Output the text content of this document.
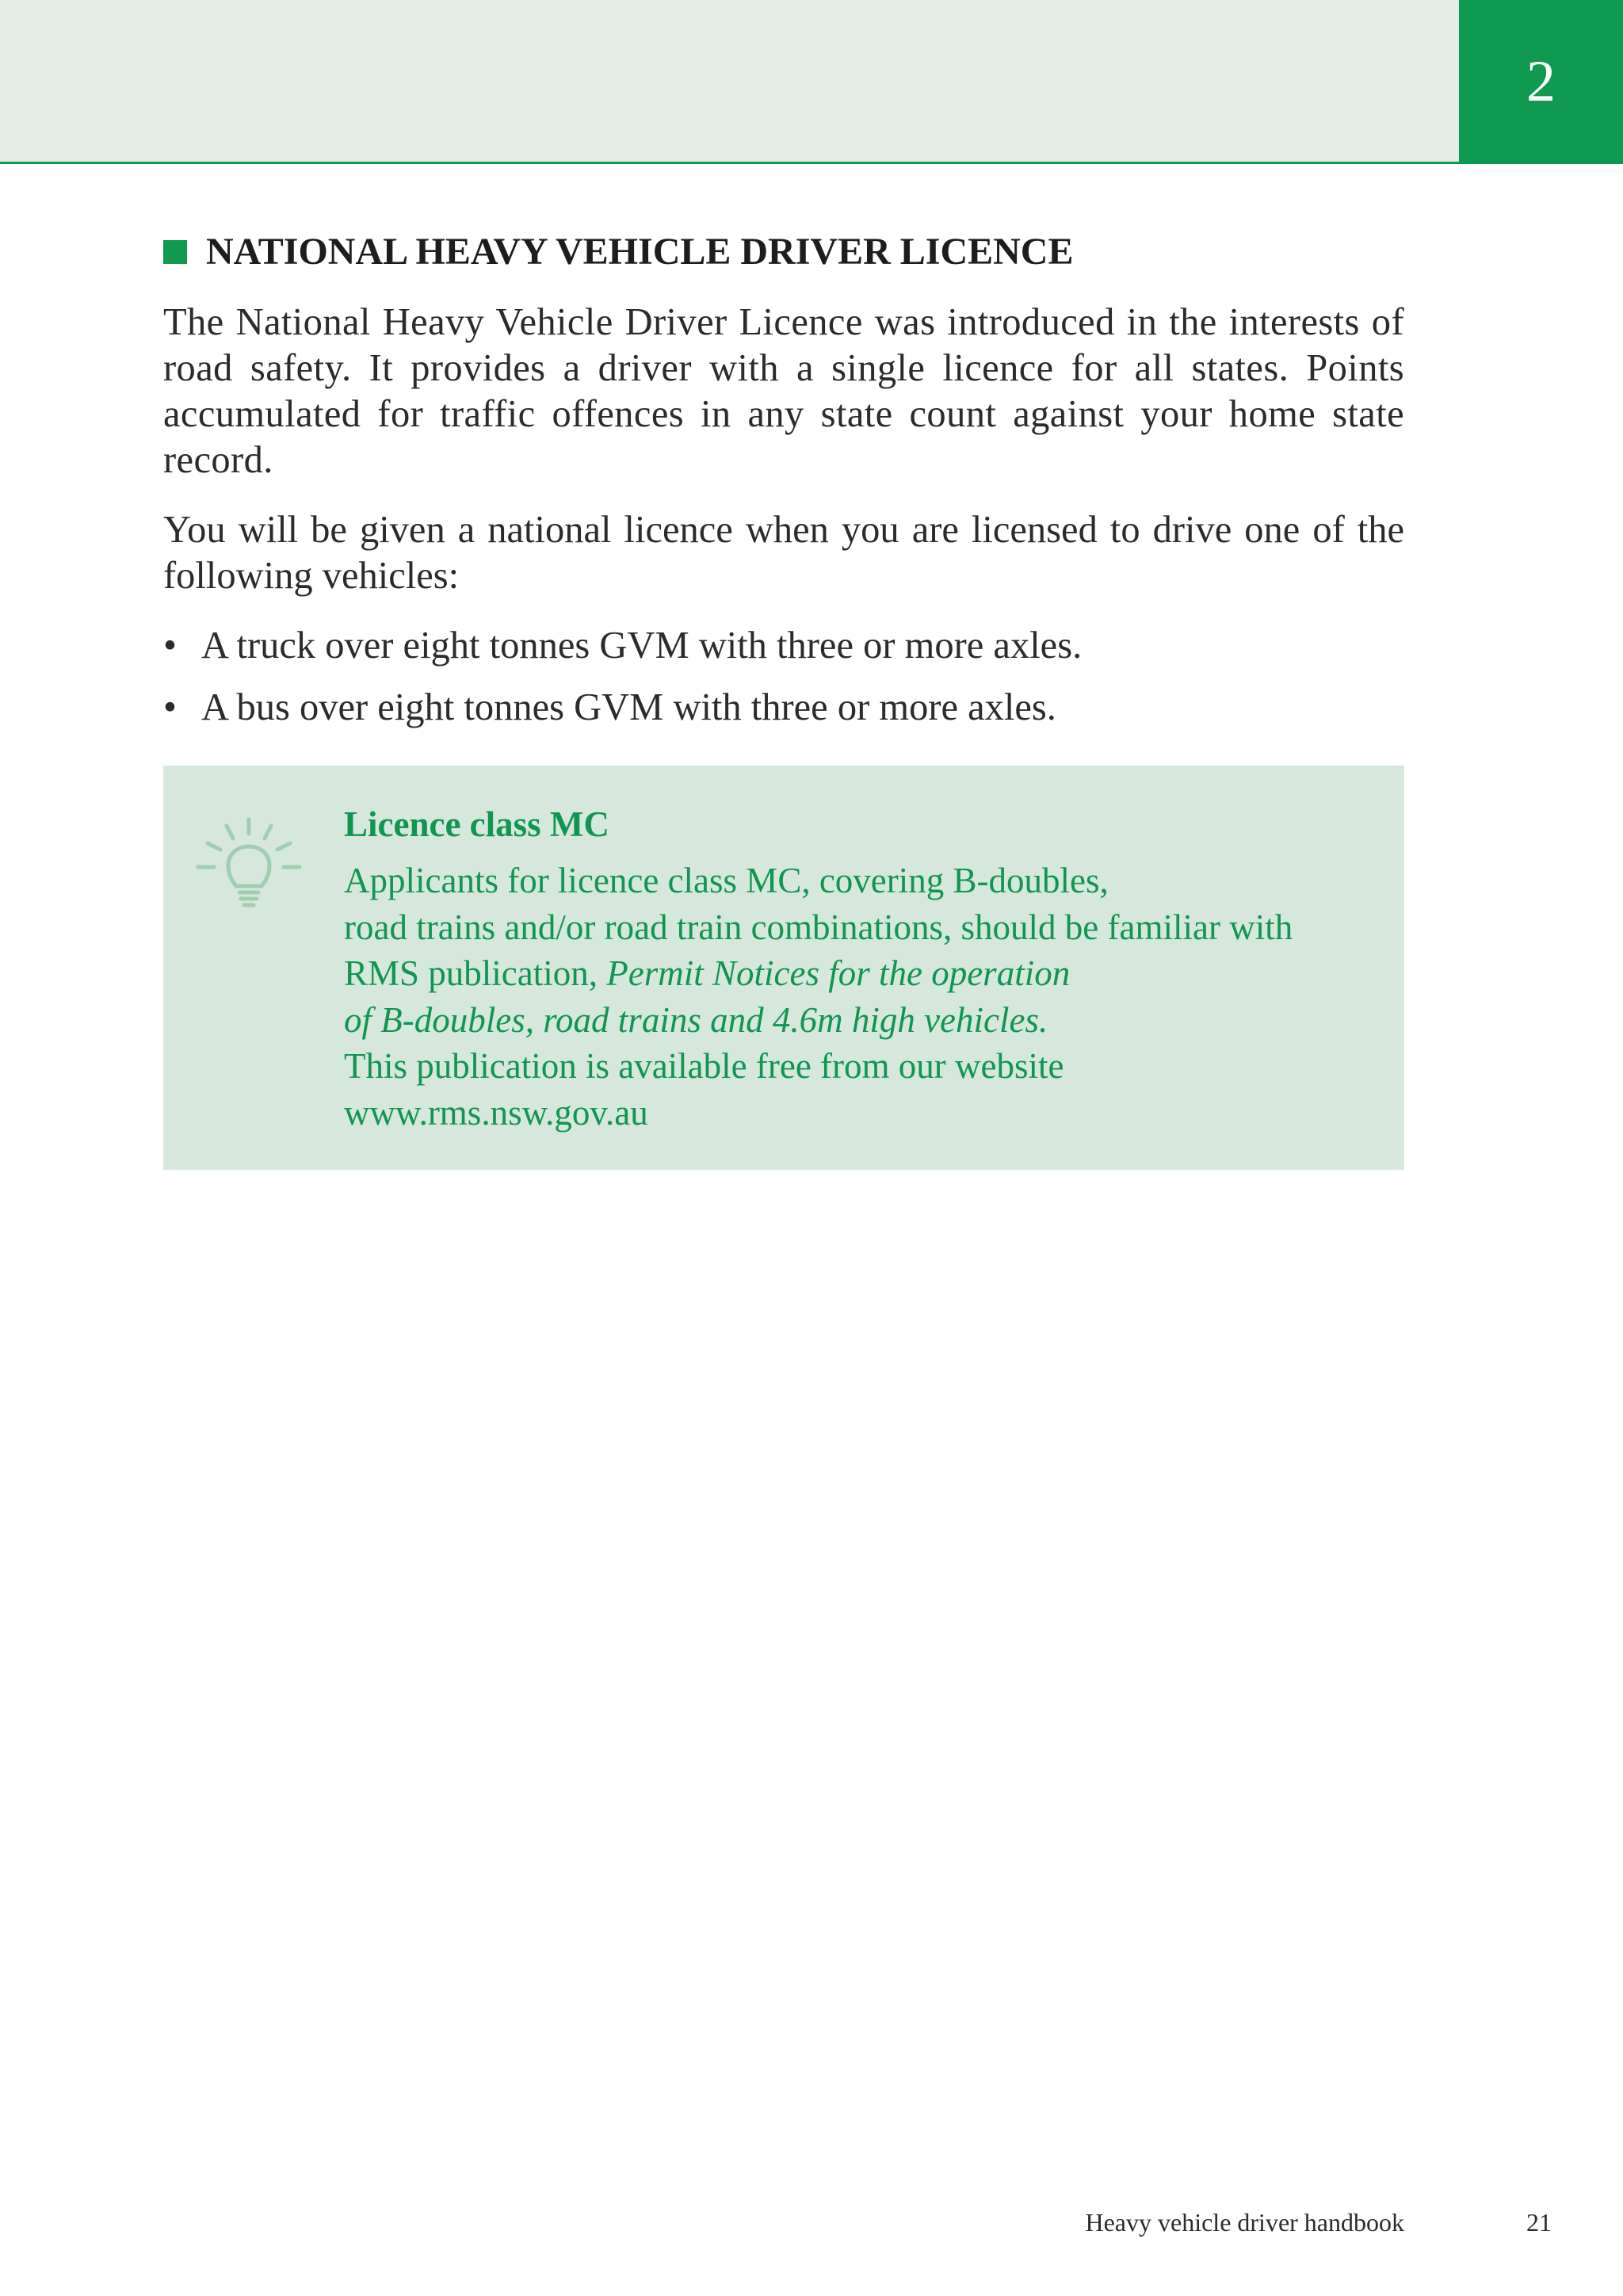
2
NATIONAL HEAVY VEHICLE DRIVER LICENCE

The National Heavy Vehicle Driver Licence was introduced in the interests of road safety. It provides a driver with a single licence for all states. Points accumulated for traffic offences in any state count against your home state record.

You will be given a national licence when you are licensed to drive one of the following vehicles:

• A truck over eight tonnes GVM with three or more axles.
• A bus over eight tonnes GVM with three or more axles.
Licence class MC
Applicants for licence class MC, covering B-doubles,
road trains and/or road train combinations, should be familiar with
RMS publication, Permit Notices for the operation
of B-doubles, road trains and 4.6m high vehicles.
This publication is available free from our website
www.rms.nsw.gov.au
Heavy vehicle driver handbook	21
